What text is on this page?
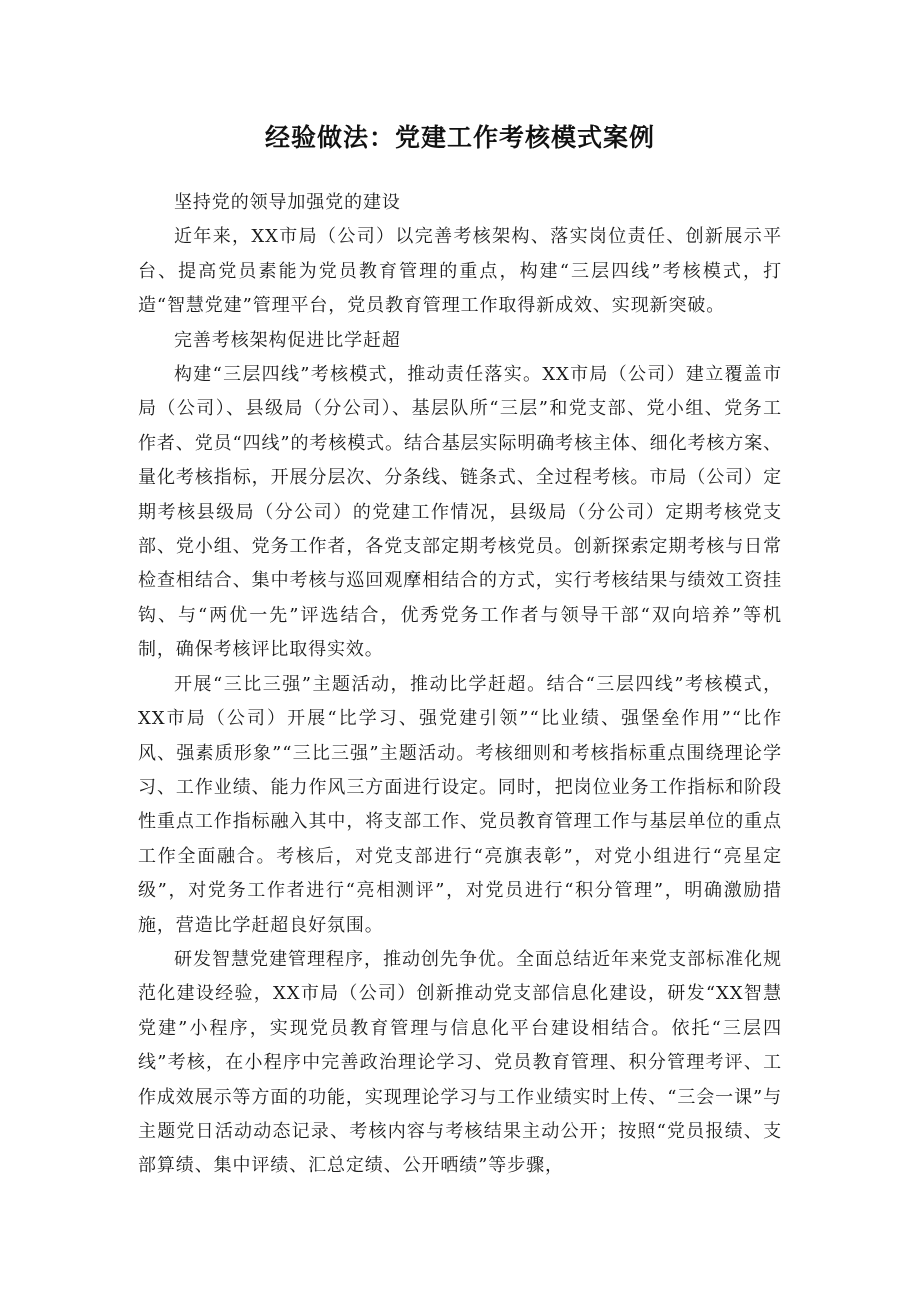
经验做法：党建工作考核模式案例

坚持党的领导加强党的建设

近年来，XX市局（公司）以完善考核架构、落实岗位责任、创新展示平台、提高党员素能为党员教育管理的重点，构建“三层四线”考核模式，打造“智慧党建”管理平台，党员教育管理工作取得新成效、实现新突破。

完善考核架构促进比学赶超

构建“三层四线”考核模式，推动责任落实。XX市局（公司）建立覆盖市局（公司）、县级局（分公司）、基层队所“三层”和党支部、党小组、党务工作者、党员“四线”的考核模式。结合基层实际明确考核主体、细化考核方案、量化考核指标，开展分层次、分条线、链条式、全过程考核。市局（公司）定期考核县级局（分公司）的党建工作情况，县级局（分公司）定期考核党支部、党小组、党务工作者，各党支部定期考核党员。创新探索定期考核与日常检查相结合、集中考核与巡回观摩相结合的方式，实行考核结果与绩效工资挂钩、与“两优一先”评选结合，优秀党务工作者与领导干部“双向培养”等机制，确保考核评比取得实效。

开展“三比三强”主题活动，推动比学赶超。结合“三层四线”考核模式，XX市局（公司）开展“比学习、强党建引领”“比业绩、强堡垒作用”“比作风、强素质形象”“三比三强”主题活动。考核细则和考核指标重点围绕理论学习、工作业绩、能力作风三方面进行设定。同时，把岗位业务工作指标和阶段性重点工作指标融入其中，将支部工作、党员教育管理工作与基层单位的重点工作全面融合。考核后，对党支部进行“亮旗表彰”，对党小组进行“亮星定级”，对党务工作者进行“亮相测评”，对党员进行“积分管理”，明确激励措施，营造比学赶超良好氛围。

研发智慧党建管理程序，推动创先争优。全面总结近年来党支部标准化规范化建设经验，XX市局（公司）创新推动党支部信息化建设，研发“XX智慧党建”小程序，实现党员教育管理与信息化平台建设相结合。依托“三层四线”考核，在小程序中完善政治理论学习、党员教育管理、积分管理考评、工作成效展示等方面的功能，实现理论学习与工作业绩实时上传、“三会一课”与主题党日活动动态记录、考核内容与考核结果主动公开；按照“党员报绩、支部算绩、集中评绩、汇总定绩、公开晒绩”等步骤，
